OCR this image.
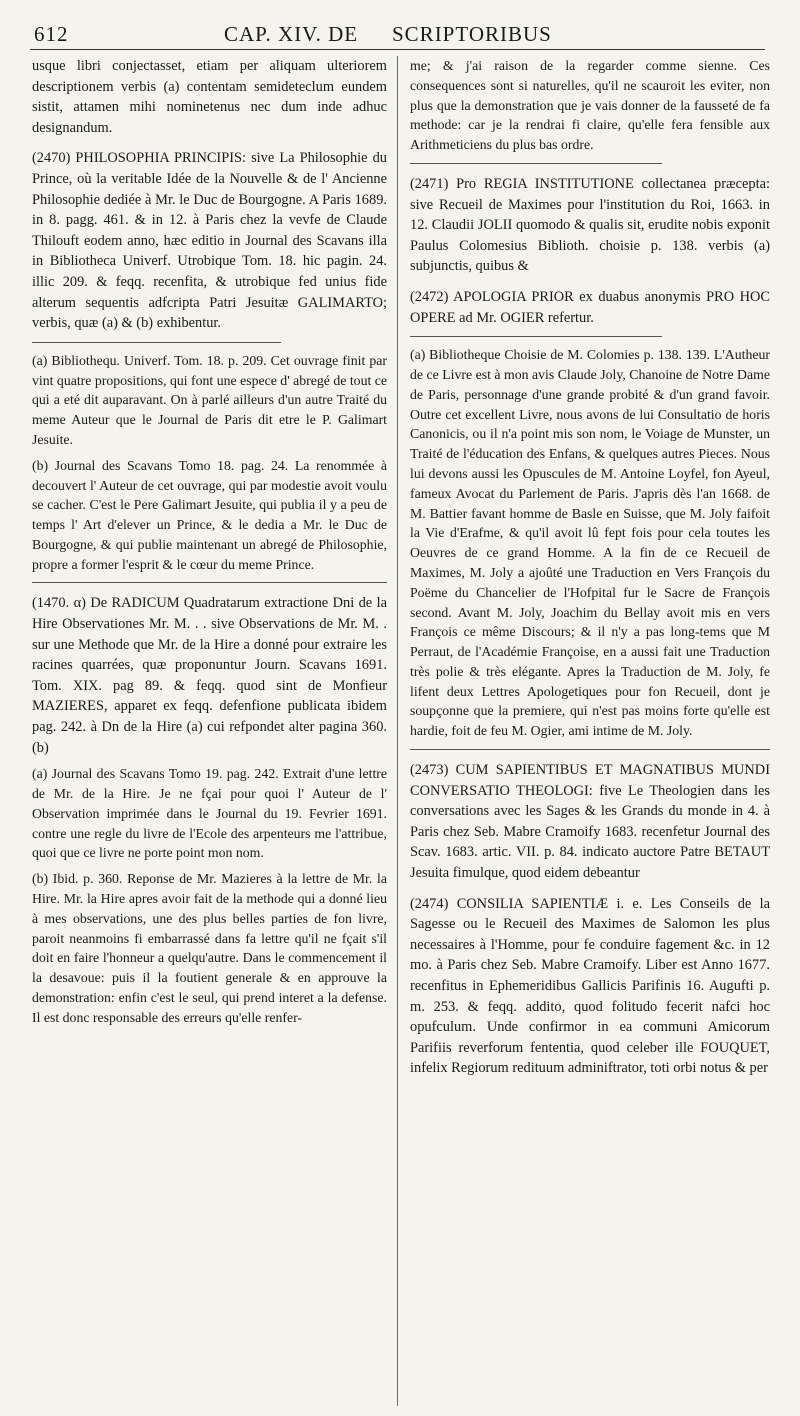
612	CAP. XIV. DE SCRIPTORIBUS

usque libri conjectasset, etiam per aliquam ulteriorem descriptionem verbis (a) contentam semideteclum eundem sistit, attamen mihi nominetenus nec dum inde adhuc designandum.

(2470) PHILOSOPHIA PRINCIPIS: sive La Philosophie du Prince, où la veritable Idée de la Nouvelle & de l' Ancienne Philosophie dediée à Mr. le Duc de Bourgogne. A Paris 1689. in 8. pagg. 461. & in 12. à Paris chez la vevfe de Claude Thilouft eodem anno, hæc editio in Journal des Scavans illa in Bibliotheca Univerf. Utrobique Tom. 18. hic pagin. 24. illic 209. & feqq. recenfita, & utrobique fed unius fide alterum sequentis adfcripta Patri Jesuitæ GALIMARTO; verbis, quæ (a) & (b) exhibentur.

(a) Bibliothequ. Univerf. Tom. 18. p. 209. Cet ouvrage finit par vint quatre propositions, qui font une espece d' abregé de tout ce qui a eté dit auparavant. On à parlé ailleurs d'un autre Traité du meme Auteur que le Journal de Paris dit etre le P. Galimart Jesuite.

(b) Journal des Scavans Tomo 18. pag. 24. La renommée à decouvert l' Auteur de cet ouvrage, qui par modestie avoit voulu se cacher. C'est le Pere Galimart Jesuite, qui publia il y a peu de temps l' Art d'elever un Prince, & le dedia a Mr. le Duc de Bourgogne, & qui publie maintenant un abregé de Philosophie, propre a former l'esprit & le cœur du meme Prince.

(1470. α) De RADICUM Quadratarum extractione Dni de la Hire Observationes Mr. M. . . sive Observations de Mr. M. . sur une Methode que Mr. de la Hire a donné pour extraire les racines quarrées, quæ proponuntur Journ. Scavans 1691. Tom. XIX. pag 89. & feqq. quod sint de Monfieur MAZIERES, apparet ex feqq. defenfione publicata ibidem pag. 242. à Dn de la Hire (a) cui refpondet alter pagina 360. (b)

(a) Journal des Scavans Tomo 19. pag. 242. Extrait d'une lettre de Mr. de la Hire. Je ne fçai pour quoi l' Auteur de l' Observation imprimée dans le Journal du 19. Fevrier 1691. contre une regle du livre de l'Ecole des arpenteurs me l'attribue, quoi que ce livre ne porte point mon nom.

(b) Ibid. p. 360. Reponse de Mr. Mazieres à la lettre de Mr. la Hire. Mr. la Hire apres avoir fait de la methode qui a donné lieu à mes observations, une des plus belles parties de fon livre, paroit neanmoins fi embarrassé dans fa lettre qu'il ne fçait s'il doit en faire l'honneur a quelqu'autre. Dans le commencement il la desavoue: puis il la foutient generale & en approuve la demonstration: enfin c'est le seul, qui prend interet a la defense. Il est donc responsable des erreurs qu'elle renfer-

me; & j'ai raison de la regarder comme sienne. Ces consequences sont si naturelles, qu'il ne scauroit les eviter, non plus que la demonstration que je vais donner de la fausseté de fa methode: car je la rendrai fi claire, qu'elle fera fensible aux Arithmeticiens du plus bas ordre.

(2471) Pro REGIA INSTITUTIONE collectanea præcepta: sive Recueil de Maximes pour l'institution du Roi, 1663. in 12. Claudii JOLII quomodo & qualis sit, erudite nobis exponit Paulus Colomesius Biblioth. choisie p. 138. verbis (a) subjunctis, quibus &

(2472) APOLOGIA PRIOR ex duabus anonymis PRO HOC OPERE ad Mr. OGIER refertur.

(a) Bibliotheque Choisie de M. Colomies p. 138. 139. L'Autheur de ce Livre est à mon avis Claude Joly, Chanoine de Notre Dame de Paris, personnage d'une grande probité & d'un grand favoir. Outre cet excellent Livre, nous avons de lui Consultatio de horis Canonicis, ou il n'a point mis son nom, le Voiage de Munster, un Traité de l'éducation des Enfans, & quelques autres Pieces. Nous lui devons aussi les Opuscules de M. Antoine Loyfel, fon Ayeul, fameux Avocat du Parlement de Paris. J'apris dès l'an 1668. de M. Battier favant homme de Basle en Suisse, que M. Joly faifoit la Vie d'Erafme, & qu'il avoit lû fept fois pour cela toutes les Oeuvres de ce grand Homme. A la fin de ce Recueil de Maximes, M. Joly a ajoûté une Traduction en Vers François du Poëme du Chancelier de l'Hofpital fur le Sacre de François second. Avant M. Joly, Joachim du Bellay avoit mis en vers François ce même Discours; & il n'y a pas long-tems que M Perraut, de l'Académie Françoise, en a aussi fait une Traduction très polie & très elégante. Apres la Traduction de M. Joly, fe lifent deux Lettres Apologetiques pour fon Recueil, dont je soupçonne que la premiere, qui n'est pas moins forte qu'elle est hardie, foit de feu M. Ogier, ami intime de M. Joly.

(2473) CUM SAPIENTIBUS ET MAGNATIBUS MUNDI CONVERSATIO THEOLOGI: five Le Theologien dans les conversations avec les Sages & les Grands du monde in 4. à Paris chez Seb. Mabre Cramoify 1683. recenfetur Journal des Scav. 1683. artic. VII. p. 84. indicato auctore Patre BETAUT Jesuita fimulque, quod eidem debeantur

(2474) CONSILIA SAPIENTIÆ i. e. Les Conseils de la Sagesse ou le Recueil des Maximes de Salomon les plus necessaires à l'Homme, pour fe conduire fagement &c. in 12 mo. à Paris chez Seb. Mabre Cramoify. Liber est Anno 1677. recenfitus in Ephemeridibus Gallicis Parifinis 16. Augufti p. m. 253. & feqq. addito, quod folitudo fecerit nafci hoc opufculum. Unde confirmor in ea communi Amicorum Parifiis reverforum fententia, quod celeber ille FOUQUET, infelix Regiorum redituum adminiftrator, toti orbi notus & per
